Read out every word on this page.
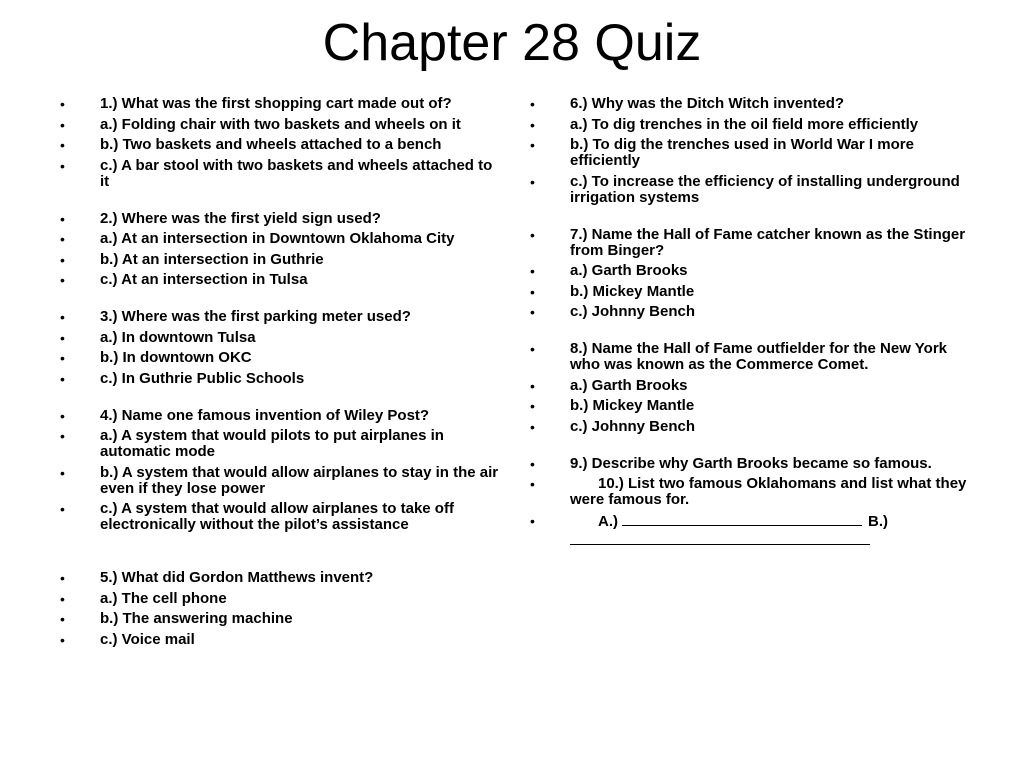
Chapter 28 Quiz
• 1.) What was the first shopping cart made out of?
• a.) Folding chair with two baskets and wheels on it
• b.) Two baskets and wheels attached to a bench
• c.) A bar stool with two baskets and wheels attached to it
• 2.) Where was the first yield sign used?
• a.) At an intersection in Downtown Oklahoma City
• b.) At an intersection in Guthrie
• c.) At an intersection in Tulsa
• 3.) Where was the first parking meter used?
• a.) In downtown Tulsa
• b.) In downtown OKC
• c.) In Guthrie Public Schools
• 4.) Name one famous invention of Wiley Post?
• a.) A system that would pilots to put airplanes in automatic mode
• b.) A system that would allow airplanes to stay in the air even if they lose power
• c.) A system that would allow airplanes to take off electronically without the pilot’s assistance
• 5.) What did Gordon Matthews invent?
• a.) The cell phone
• b.) The answering machine
• c.) Voice mail
• 6.) Why was the Ditch Witch invented?
• a.) To dig trenches in the oil field more efficiently
• b.) To dig the trenches used in World War I more efficiently
• c.) To increase the efficiency of installing underground irrigation systems
• 7.) Name the Hall of Fame catcher known as the Stinger from Binger?
• a.) Garth Brooks
• b.) Mickey Mantle
• c.) Johnny Bench
• 8.) Name the Hall of Fame outfielder for the New York who was known as the Commerce Comet.
• a.) Garth Brooks
• b.) Mickey Mantle
• c.) Johnny Bench
• 9.) Describe why Garth Brooks became so famous.
•	10.) List two famous Oklahomans and list what they were famous for.
•	A.)	B.)
